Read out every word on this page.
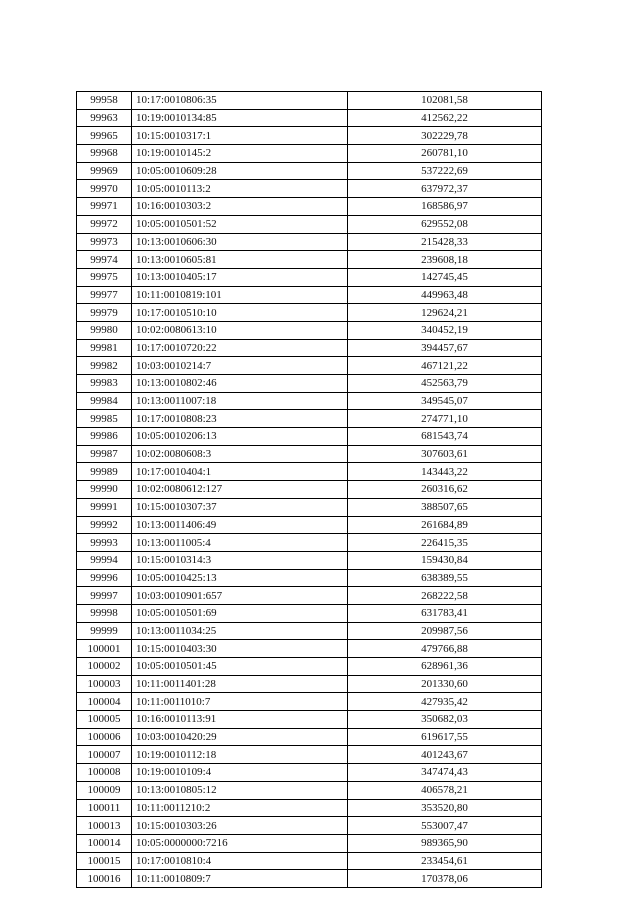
99958	10:17:0010806:35	102081,58
99963	10:19:0010134:85	412562,22
99965	10:15:0010317:1	302229,78
99968	10:19:0010145:2	260781,10
99969	10:05:0010609:28	537222,69
99970	10:05:0010113:2	637972,37
99971	10:16:0010303:2	168586,97
99972	10:05:0010501:52	629552,08
99973	10:13:0010606:30	215428,33
99974	10:13:0010605:81	239608,18
99975	10:13:0010405:17	142745,45
99977	10:11:0010819:101	449963,48
99979	10:17:0010510:10	129624,21
99980	10:02:0080613:10	340452,19
99981	10:17:0010720:22	394457,67
99982	10:03:0010214:7	467121,22
99983	10:13:0010802:46	452563,79
99984	10:13:0011007:18	349545,07
99985	10:17:0010808:23	274771,10
99986	10:05:0010206:13	681543,74
99987	10:02:0080608:3	307603,61
99989	10:17:0010404:1	143443,22
99990	10:02:0080612:127	260316,62
99991	10:15:0010307:37	388507,65
99992	10:13:0011406:49	261684,89
99993	10:13:0011005:4	226415,35
99994	10:15:0010314:3	159430,84
99996	10:05:0010425:13	638389,55
99997	10:03:0010901:657	268222,58
99998	10:05:0010501:69	631783,41
99999	10:13:0011034:25	209987,56
100001	10:15:0010403:30	479766,88
100002	10:05:0010501:45	628961,36
100003	10:11:0011401:28	201330,60
100004	10:11:0011010:7	427935,42
100005	10:16:0010113:91	350682,03
100006	10:03:0010420:29	619617,55
100007	10:19:0010112:18	401243,67
100008	10:19:0010109:4	347474,43
100009	10:13:0010805:12	406578,21
100011	10:11:0011210:2	353520,80
100013	10:15:0010303:26	553007,47
100014	10:05:0000000:7216	989365,90
100015	10:17:0010810:4	233454,61
100016	10:11:0010809:7	170378,06
